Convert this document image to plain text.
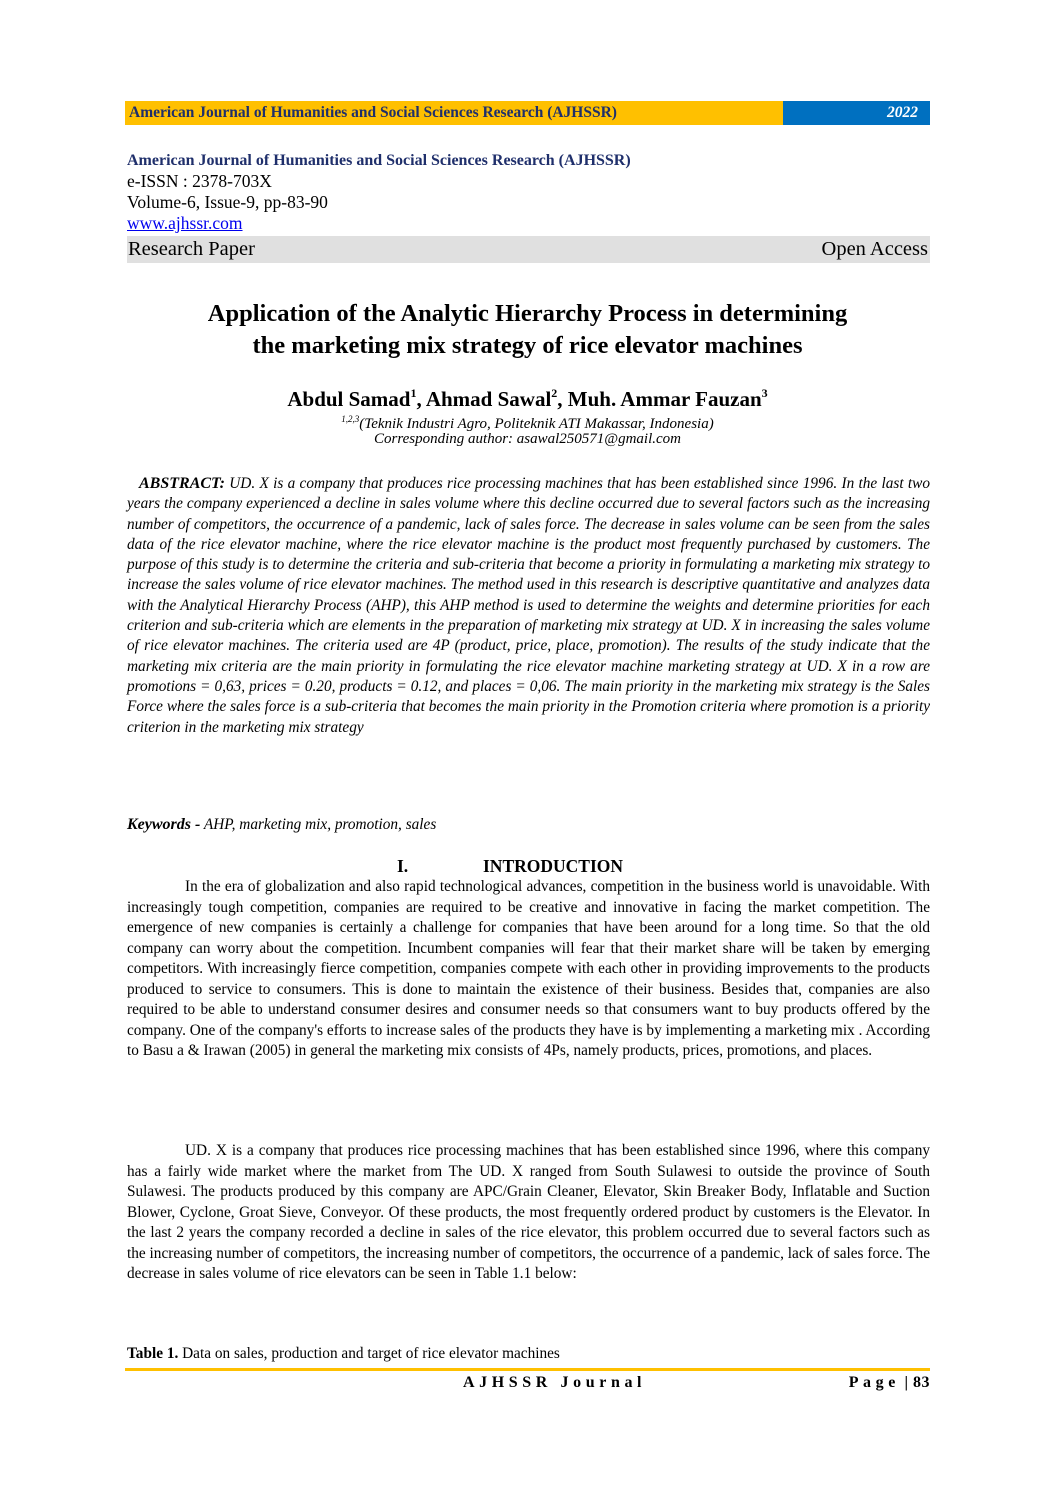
American Journal of Humanities and Social Sciences Research (AJHSSR)	2022
American Journal of Humanities and Social Sciences Research (AJHSSR)
e-ISSN : 2378-703X
Volume-6, Issue-9, pp-83-90
www.ajhssr.com
Research Paper	Open Access
Application of the Analytic Hierarchy Process in determining
the marketing mix strategy of rice elevator machines
Abdul Samad$^1$, Ahmad Sawal$^2$, Muh. Ammar Fauzan$^3$
$^{1,2,3}$(Teknik Industri Agro, Politeknik ATI Makassar, Indonesia)
Corresponding author: asawal250571@gmail.com
ABSTRACT: UD. X is a company that produces rice processing machines that has been established since 1996. In the last two years the company experienced a decline in sales volume where this decline occurred due to several factors such as the increasing number of competitors, the occurrence of a pandemic, lack of sales force. The decrease in sales volume can be seen from the sales data of the rice elevator machine, where the rice elevator machine is the product most frequently purchased by customers. The purpose of this study is to determine the criteria and sub-criteria that become a priority in formulating a marketing mix strategy to increase the sales volume of rice elevator machines. The method used in this research is descriptive quantitative and analyzes data with the Analytical Hierarchy Process (AHP), this AHP method is used to determine the weights and determine priorities for each criterion and sub-criteria which are elements in the preparation of marketing mix strategy at UD. X in increasing the sales volume of rice elevator machines. The criteria used are 4P (product, price, place, promotion). The results of the study indicate that the marketing mix criteria are the main priority in formulating the rice elevator machine marketing strategy at UD. X in a row are promotions = 0,63, prices = 0.20, products = 0.12, and places = 0,06. The main priority in the marketing mix strategy is the Sales Force where the sales force is a sub-criteria that becomes the main priority in the Promotion criteria where promotion is a priority criterion in the marketing mix strategy
Keywords - AHP, marketing mix, promotion, sales
I.	INTRODUCTION
In the era of globalization and also rapid technological advances, competition in the business world is unavoidable. With increasingly tough competition, companies are required to be creative and innovative in facing the market competition. The emergence of new companies is certainly a challenge for companies that have been around for a long time. So that the old company can worry about the competition. Incumbent companies will fear that their market share will be taken by emerging competitors. With increasingly fierce competition, companies compete with each other in providing improvements to the products produced to service to consumers. This is done to maintain the existence of their business. Besides that, companies are also required to be able to understand consumer desires and consumer needs so that consumers want to buy products offered by the company. One of the company's efforts to increase sales of the products they have is by implementing a marketing mix . According to Basu a & Irawan (2005) in general the marketing mix consists of 4Ps, namely products, prices, promotions, and places.
UD. X is a company that produces rice processing machines that has been established since 1996, where this company has a fairly wide market where the market from The UD. X ranged from South Sulawesi to outside the province of South Sulawesi. The products produced by this company are APC/Grain Cleaner, Elevator, Skin Breaker Body, Inflatable and Suction Blower, Cyclone, Groat Sieve, Conveyor. Of these products, the most frequently ordered product by customers is the Elevator. In the last 2 years the company recorded a decline in sales of the rice elevator, this problem occurred due to several factors such as the increasing number of competitors, the increasing number of competitors, the occurrence of a pandemic, lack of sales force. The decrease in sales volume of rice elevators can be seen in Table 1.1 below:
Table 1. Data on sales, production and target of rice elevator machines
AJHSSR Journal	Page | 83
